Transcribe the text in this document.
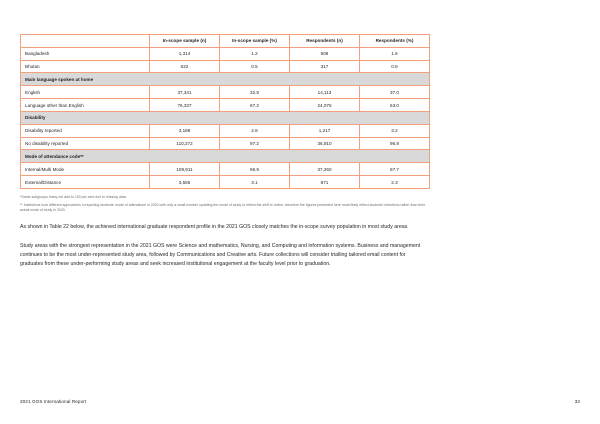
	In-scope sample (n)	In-scope sample (%)	Respondents (n)	Respondents (%)
Bangladesh	1,314	1.2	608	1.6
Bhutan	622	0.5	317	0.8
Main language spoken at home				
English	37,341	32.8	14,113	37.0
Language other than English	76,337	67.2	24,075	63.0
Disability				
Disability reported	3,188	2.8	1,217	3.2
No disability reported	110,272	97.2	36,910	96.8
Mode of attendance code**				
Internal/Multi Mode	109,911	96.9	37,260	97.7
External/Distance	3,555	3.1	871	2.3
*Some subgroups many not add to 100 per cent due to missing data.
** Institutions took different approaches in reporting students' mode of attendance in 2020 with only a small number updating the mode of study to reflect the shift to online, therefore the figures presented here most likely reflect students' intentions rather than their actual mode of study in 2020.

As shown in Table 22 below, the achieved international graduate respondent profile in the 2021 GOS closely matches the in-scope survey population in most study areas.

Study areas with the strongest representation in the 2021 GOS were Science and mathematics, Nursing, and Computing and information systems. Business and management continues to be the most under-represented study area, followed by Communications and Creative arts. Future collections will consider trialling tailored email content for graduates from these under-performing study areas and seek increased institutional engagement at the faculty level prior to graduation.

2021 GOS International Report	33
